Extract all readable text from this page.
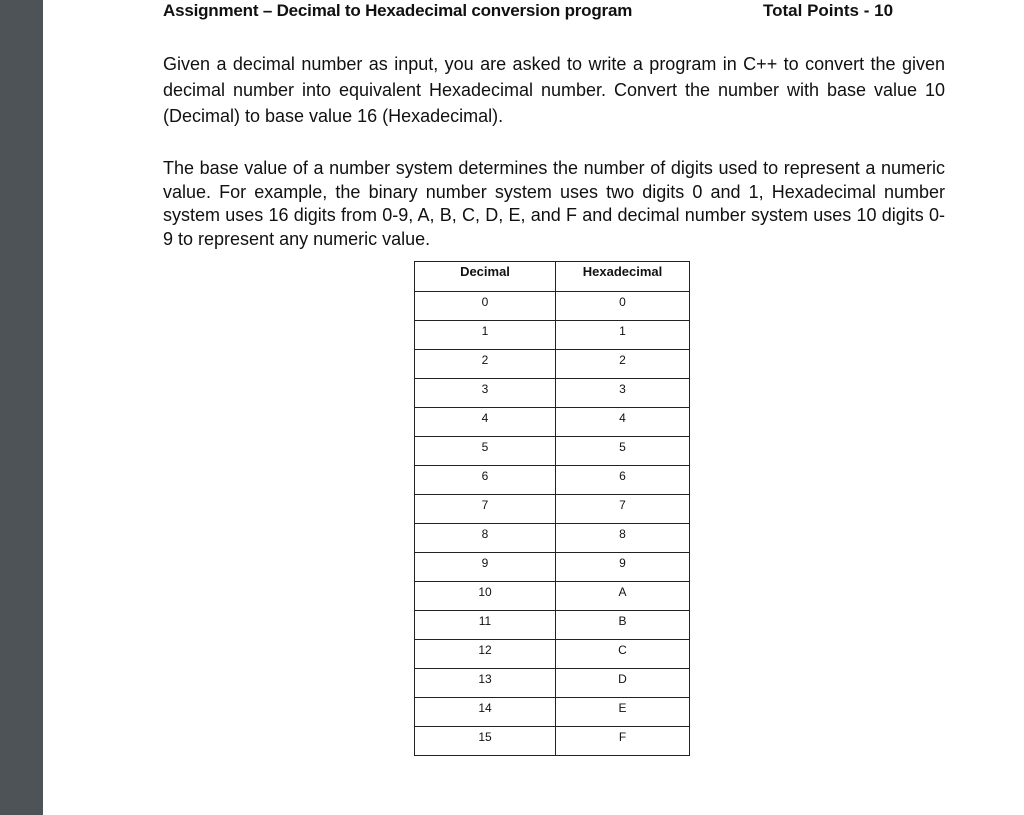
Assignment – Decimal to Hexadecimal conversion program	Total Points - 10

Given a decimal number as input, you are asked to write a program in C++ to convert the given decimal number into equivalent Hexadecimal number. Convert the number with base value 10 (Decimal) to base value 16 (Hexadecimal).

The base value of a number system determines the number of digits used to represent a numeric value. For example, the binary number system uses two digits 0 and 1, Hexadecimal number system uses 16 digits from 0-9, A, B, C, D, E, and F and decimal number system uses 10 digits 0-9 to represent any numeric value.

Decimal	Hexadecimal
0	0
1	1
2	2
3	3
4	4
5	5
6	6
7	7
8	8
9	9
10	A
11	B
12	C
13	D
14	E
15	F
